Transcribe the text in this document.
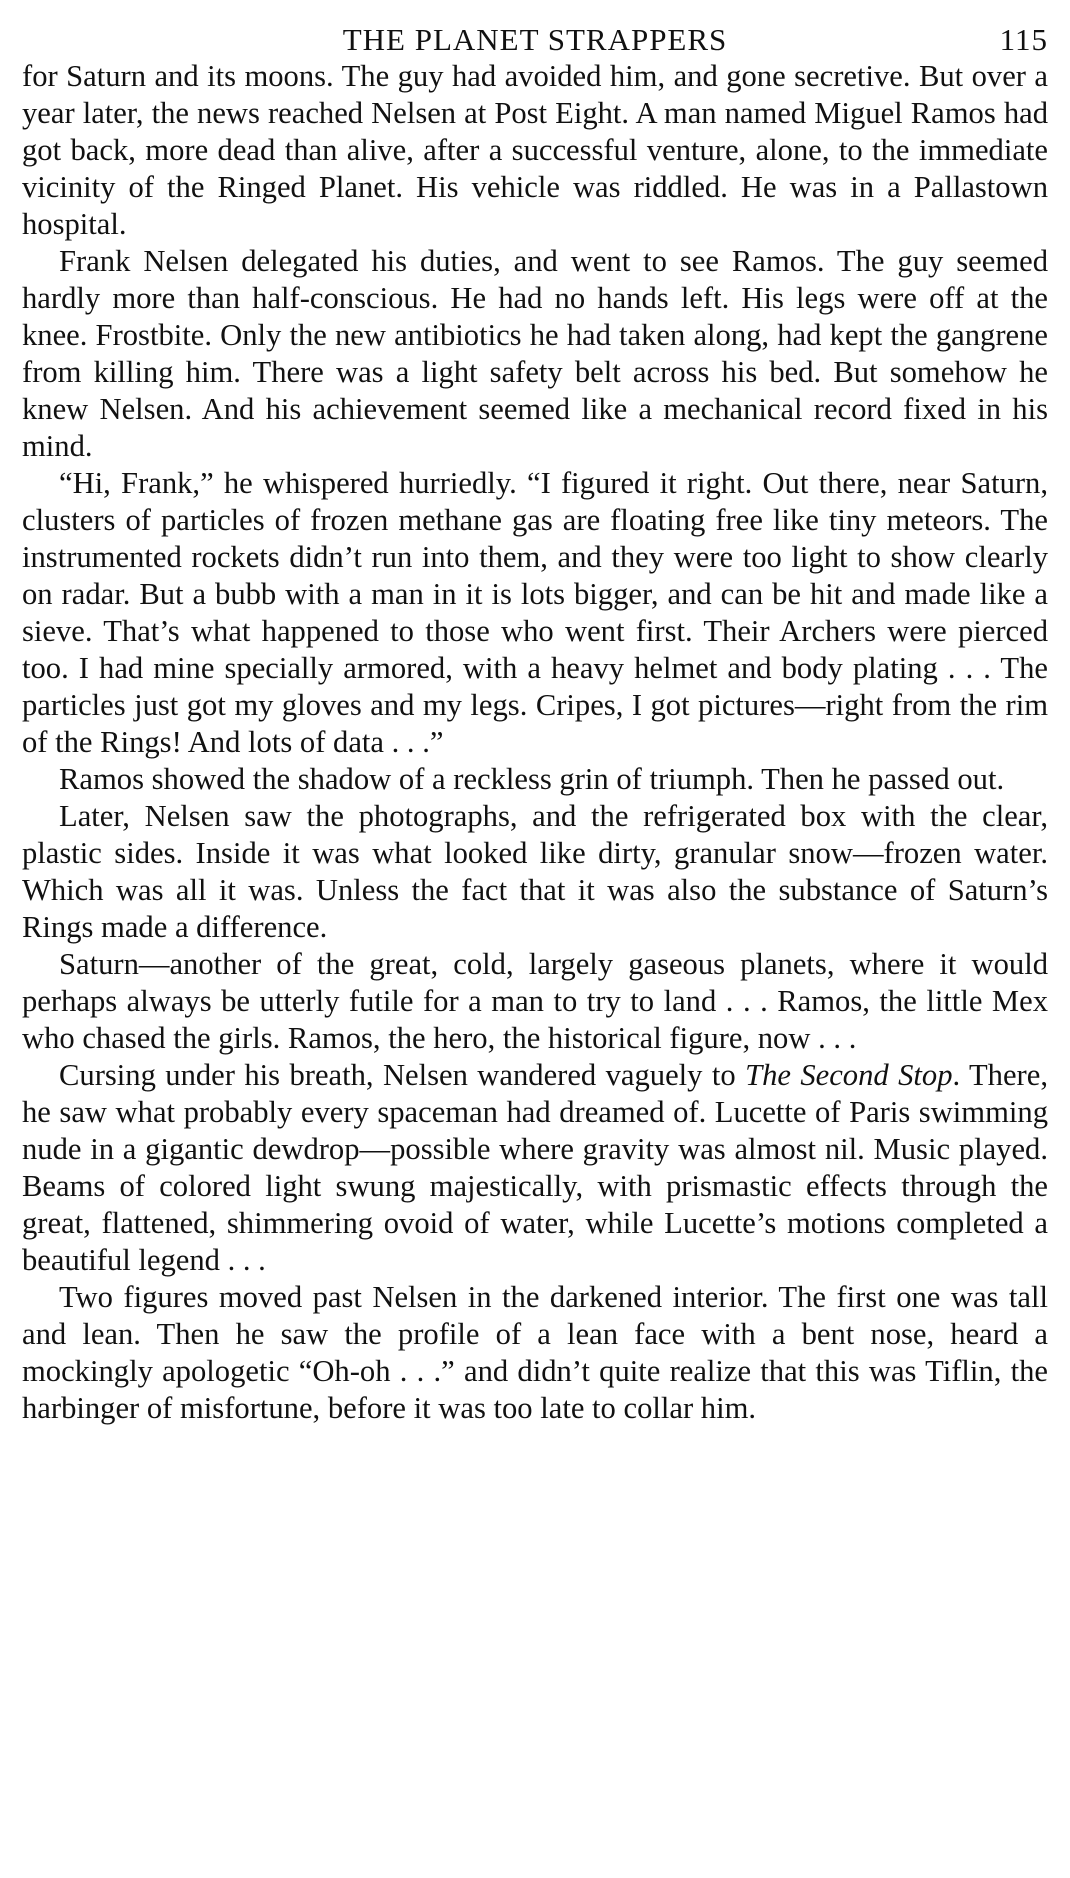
THE PLANET STRAPPERS	115

for Saturn and its moons. The guy had avoided him, and gone secretive. But over a year later, the news reached Nelsen at Post Eight. A man named Miguel Ramos had got back, more dead than alive, after a successful venture, alone, to the immediate vicinity of the Ringed Planet. His vehicle was riddled. He was in a Pallastown hospital.

Frank Nelsen delegated his duties, and went to see Ramos. The guy seemed hardly more than half-conscious. He had no hands left. His legs were off at the knee. Frostbite. Only the new antibiotics he had taken along, had kept the gangrene from killing him. There was a light safety belt across his bed. But somehow he knew Nelsen. And his achievement seemed like a mechanical record fixed in his mind.

“Hi, Frank,” he whispered hurriedly. “I figured it right. Out there, near Saturn, clusters of particles of frozen methane gas are floating free like tiny meteors. The instrumented rockets didn’t run into them, and they were too light to show clearly on radar. But a bubb with a man in it is lots bigger, and can be hit and made like a sieve. That’s what happened to those who went first. Their Archers were pierced too. I had mine specially armored, with a heavy helmet and body plating . . . The particles just got my gloves and my legs. Cripes, I got pictures—right from the rim of the Rings! And lots of data . . .”

Ramos showed the shadow of a reckless grin of triumph. Then he passed out.

Later, Nelsen saw the photographs, and the refrigerated box with the clear, plastic sides. Inside it was what looked like dirty, granular snow—frozen water. Which was all it was. Unless the fact that it was also the substance of Saturn’s Rings made a difference.

Saturn—another of the great, cold, largely gaseous planets, where it would perhaps always be utterly futile for a man to try to land . . . Ramos, the little Mex who chased the girls. Ramos, the hero, the historical figure, now . . .

Cursing under his breath, Nelsen wandered vaguely to The Second Stop. There, he saw what probably every spaceman had dreamed of. Lucette of Paris swimming nude in a gigantic dewdrop—possible where gravity was almost nil. Music played. Beams of colored light swung majestically, with prismastic effects through the great, flattened, shimmering ovoid of water, while Lucette’s motions completed a beautiful legend . . .

Two figures moved past Nelsen in the darkened interior. The first one was tall and lean. Then he saw the profile of a lean face with a bent nose, heard a mockingly apologetic “Oh-oh . . .” and didn’t quite realize that this was Tiflin, the harbinger of misfortune, before it was too late to collar him.
